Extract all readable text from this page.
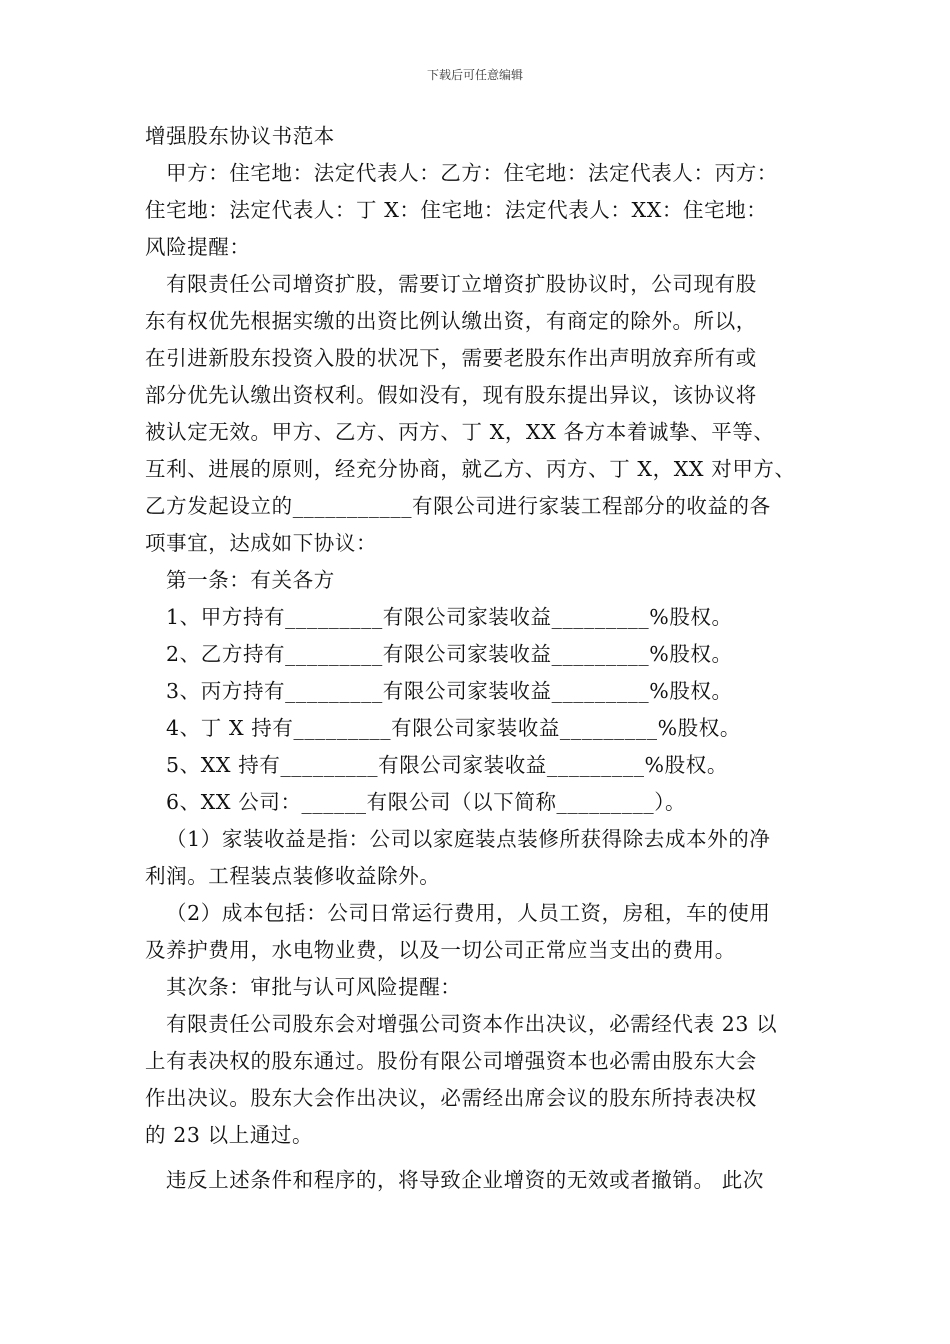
下载后可任意编辑
增强股东协议书范本
甲方：住宅地：法定代表人：乙方：住宅地：法定代表人：丙方：
住宅地：法定代表人：丁 X：住宅地：法定代表人：XX：住宅地：
风险提醒：
有限责任公司增资扩股，需要订立增资扩股协议时，公司现有股
东有权优先根据实缴的出资比例认缴出资，有商定的除外。所以，
在引进新股东投资入股的状况下，需要老股东作出声明放弃所有或
部分优先认缴出资权利。假如没有，现有股东提出异议，该协议将
被认定无效。甲方、乙方、丙方、丁 X，XX 各方本着诚挚、平等、
互利、进展的原则，经充分协商，就乙方、丙方、丁 X，XX 对甲方、
乙方发起设立的___________有限公司进行家装工程部分的收益的各
项事宜，达成如下协议：
第一条：有关各方
1、甲方持有_________有限公司家装收益_________%股权。
2、乙方持有_________有限公司家装收益_________%股权。
3、丙方持有_________有限公司家装收益_________%股权。
4、丁 X 持有_________有限公司家装收益_________%股权。
5、XX 持有_________有限公司家装收益_________%股权。
6、XX 公司：______有限公司（以下简称_________）。
（1）家装收益是指：公司以家庭装点装修所获得除去成本外的净
利润。工程装点装修收益除外。
（2）成本包括：公司日常运行费用，人员工资，房租，车的使用
及养护费用，水电物业费，以及一切公司正常应当支出的费用。
其次条：审批与认可风险提醒：
有限责任公司股东会对增强公司资本作出决议，必需经代表 23 以
上有表决权的股东通过。股份有限公司增强资本也必需由股东大会
作出决议。股东大会作出决议，必需经出席会议的股东所持表决权
的 23 以上通过。
违反上述条件和程序的，将导致企业增资的无效或者撤销。 此次
